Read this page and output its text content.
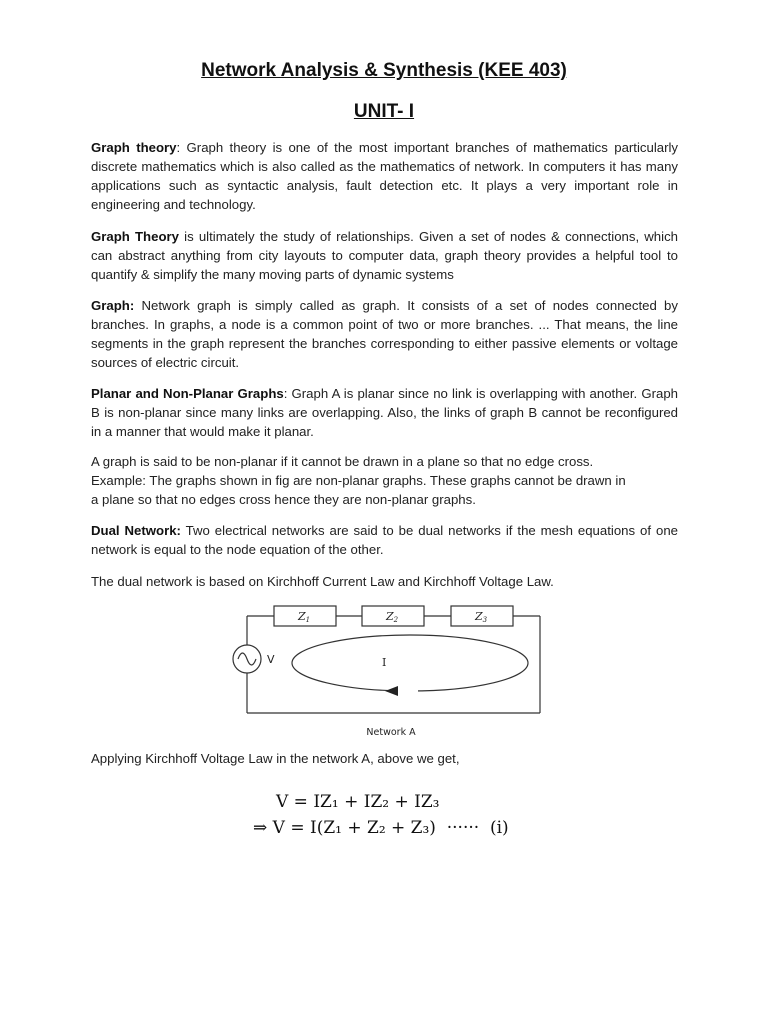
Network Analysis & Synthesis (KEE 403)
UNIT- I
Graph theory: Graph theory is one of the most important branches of mathematics particularly discrete mathematics which is also called as the mathematics of network. In computers it has many applications such as syntactic analysis, fault detection etc. It plays a very important role in engineering and technology.
Graph Theory is ultimately the study of relationships. Given a set of nodes & connections, which can abstract anything from city layouts to computer data, graph theory provides a helpful tool to quantify & simplify the many moving parts of dynamic systems
Graph: Network graph is simply called as graph. It consists of a set of nodes connected by branches. In graphs, a node is a common point of two or more branches. ... That means, the line segments in the graph represent the branches corresponding to either passive elements or voltage sources of electric circuit.
Planar and Non-Planar Graphs: Graph A is planar since no link is overlapping with another. Graph B is non-planar since many links are overlapping. Also, the links of graph B cannot be reconfigured in a manner that would make it planar.
A graph is said to be non-planar if it cannot be drawn in a plane so that no edge cross.
Example: The graphs shown in fig are non-planar graphs. These graphs cannot be drawn in
a plane so that no edges cross hence they are non-planar graphs.
Dual Network: Two electrical networks are said to be dual networks if the mesh equations of one network is equal to the node equation of the other.
The dual network is based on Kirchhoff Current Law and Kirchhoff Voltage Law.
Z1	Z2	Z3
V	I
Network A
Applying Kirchhoff Voltage Law in the network A, above we get,
V = IZ₁ + IZ₂ + IZ₃
⇒ V = I(Z₁ + Z₂ + Z₃)  ······  (i)
